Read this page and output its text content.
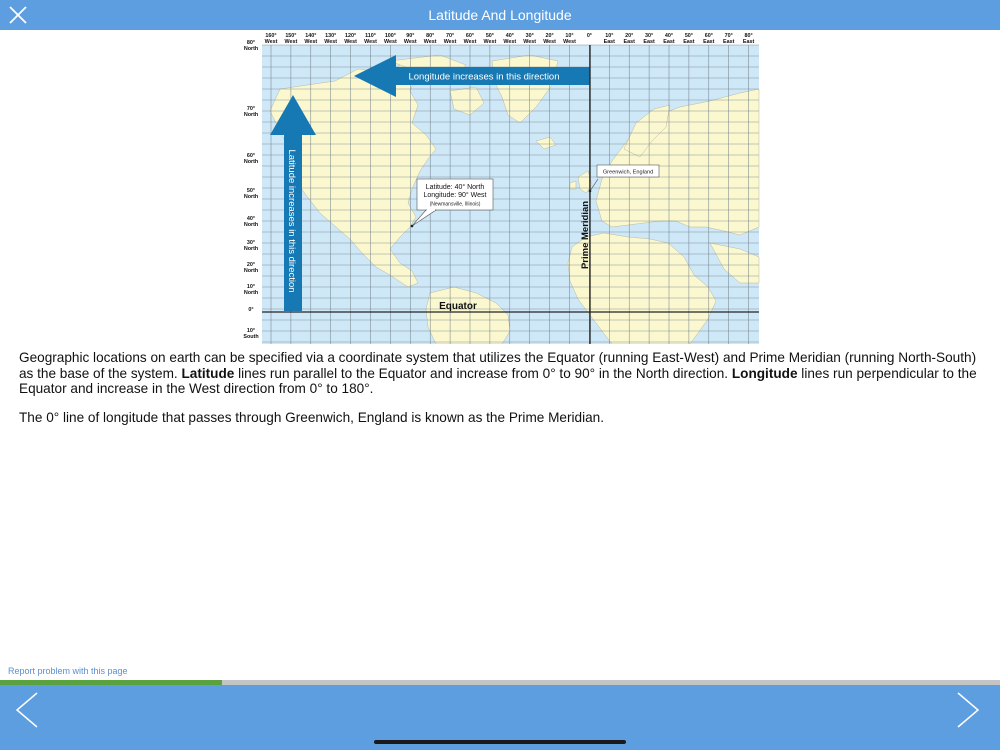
Latitude And Longitude
160°
West
150°
West
140°
West
130°
West
120°
West
110°
West
100°
West
90°
West
80°
West
70°
West
60°
West
50°
West
40°
West
30°
West
20°
West
10°
West
0° 10°
East
20°
East
30°
East
40°
East
50°
East
60°
East
70°
East
80°
East
80°
North
70°
North
60°
North
50°
North
40°
North
30°
North
20°
North
10°
North
0°
10°
South
Longitude increases in this direction
Latitude increases in this direction
Equator
Prime Meridian
Greenwich, England
Latitude: 40° North
Longitude: 90° West
(Newmansville, Illinois)

Geographic locations on earth can be specified via a coordinate system that utilizes the Equator (running East-West) and Prime Meridian (running North-South) as the base of the system. Latitude lines run parallel to the Equator and increase from 0° to 90° in the North direction. Longitude lines run perpendicular to the Equator and increase in the West direction from 0° to 180°.

The 0° line of longitude that passes through Greenwich, England is known as the Prime Meridian.

Report problem with this page
